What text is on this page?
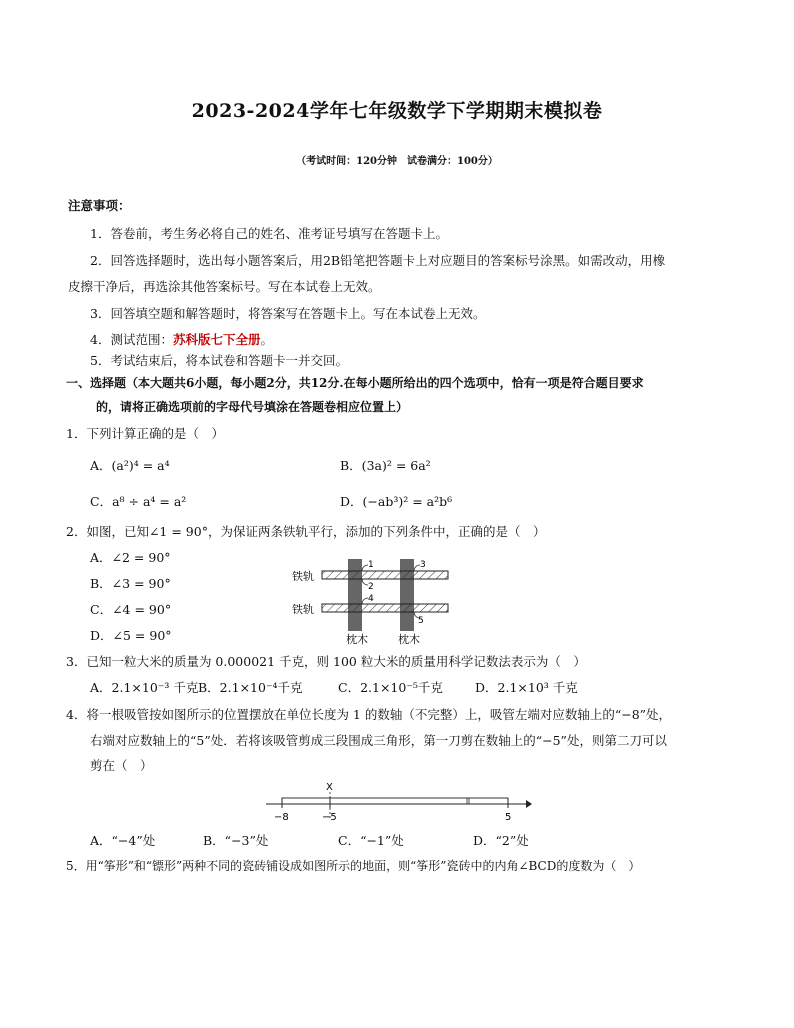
2023-2024学年七年级数学下学期期末模拟卷
（考试时间：120分钟　试卷满分：100分）
注意事项：
1．答卷前，考生务必将自己的姓名、准考证号填写在答题卡上。
2．回答选择题时，选出每小题答案后，用2B铅笔把答题卡上对应题目的答案标号涂黑。如需改动，用橡
皮擦干净后，再选涂其他答案标号。写在本试卷上无效。
3．回答填空题和解答题时，将答案写在答题卡上。写在本试卷上无效。
4．测试范围：苏科版七下全册。
5．考试结束后，将本试卷和答题卡一并交回。
一、选择题（本大题共6小题，每小题2分，共12分.在每小题所给出的四个选项中，恰有一项是符合题目要求
的，请将正确选项前的字母代号填涂在答题卷相应位置上）
1．下列计算正确的是（　）
A．(a²)⁴ = a⁴	B．(3a)² = 6a²
C．a⁸ ÷ a⁴ = a²	D．(−ab³)² = a²b⁶
2．如图，已知∠1 = 90°，为保证两条铁轨平行，添加的下列条件中，正确的是（　）
A．∠2 = 90°
B．∠3 = 90°
C．∠4 = 90°
D．∠5 = 90°
铁轨
铁轨
1
2
3
4
5
枕木	枕木
3．已知一粒大米的质量为 0.000021 千克，则 100 粒大米的质量用科学记数法表示为（　）
A．2.1×10⁻³ 千克 B．2.1×10⁻⁴千克	C．2.1×10⁻⁵千克	D．2.1×10³ 千克
4．将一根吸管按如图所示的位置摆放在单位长度为 1 的数轴（不完整）上，吸管左端对应数轴上的“−8”处，
右端对应数轴上的“5”处．若将该吸管剪成三段围成三角形，第一刀剪在数轴上的“−5”处，则第二刀可以
剪在（　）
X
−8	−5	5
A．“−4”处	B．“−3”处	C．“−1”处	D．“2”处
5．用“筝形”和“镖形”两种不同的瓷砖铺设成如图所示的地面，则“筝形”瓷砖中的内角∠BCD的度数为（　）
